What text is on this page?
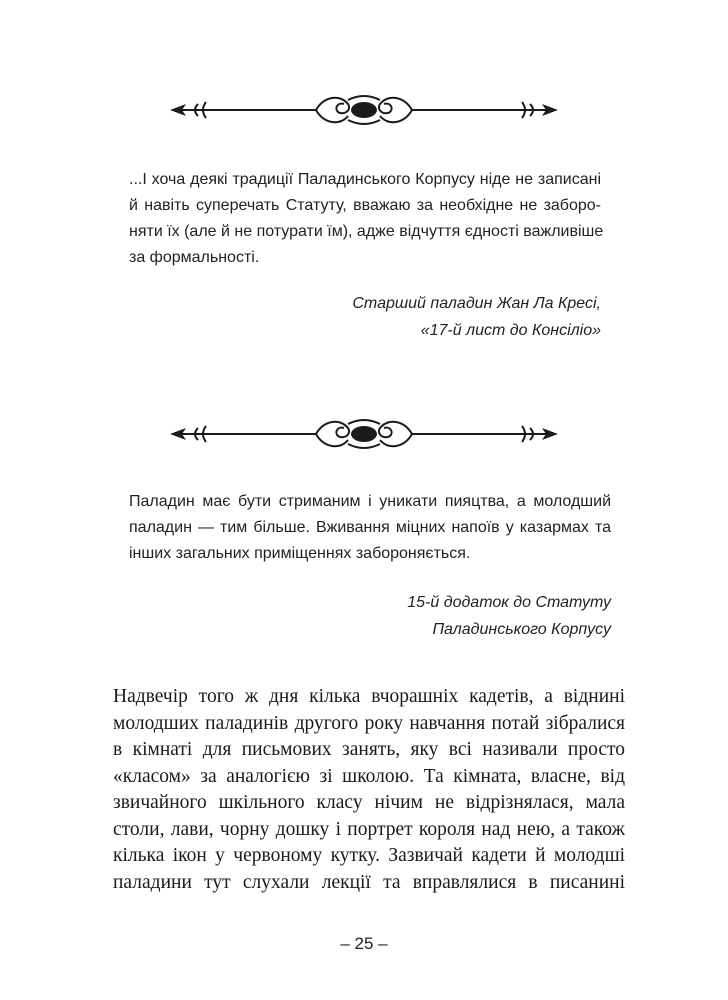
...І хоча деякі традиції Паладинського Корпусу ніде не записані
й навіть суперечать Статуту, вважаю за необхідне не заборо-
няти їх (але й не потурати їм), адже відчуття єдності важливіше
за формальності.
Старший паладин Жан Ла Кресі,
«17-й лист до Консіліо»
Паладин має бути стриманим і уникати пияцтва, а молодший
паладин — тим більше. Вживання міцних напоїв у казармах та
інших загальних приміщеннях забороняється.
15-й додаток до Статуту
Паладинського Корпусу
Надвечір того ж дня кілька вчорашніх кадетів, а віднині
молодших паладинів другого року навчання потай зібралися
в кімнаті для письмових занять, яку всі називали просто
«класом» за аналогією зі школою. Та кімната, власне, від
звичайного шкільного класу нічим не відрізнялася, мала
столи, лави, чорну дошку і портрет короля над нею, а також
кілька ікон у червоному кутку. Зазвичай кадети й молодші
паладини тут слухали лекції та вправлялися в писанині
– 25 –
